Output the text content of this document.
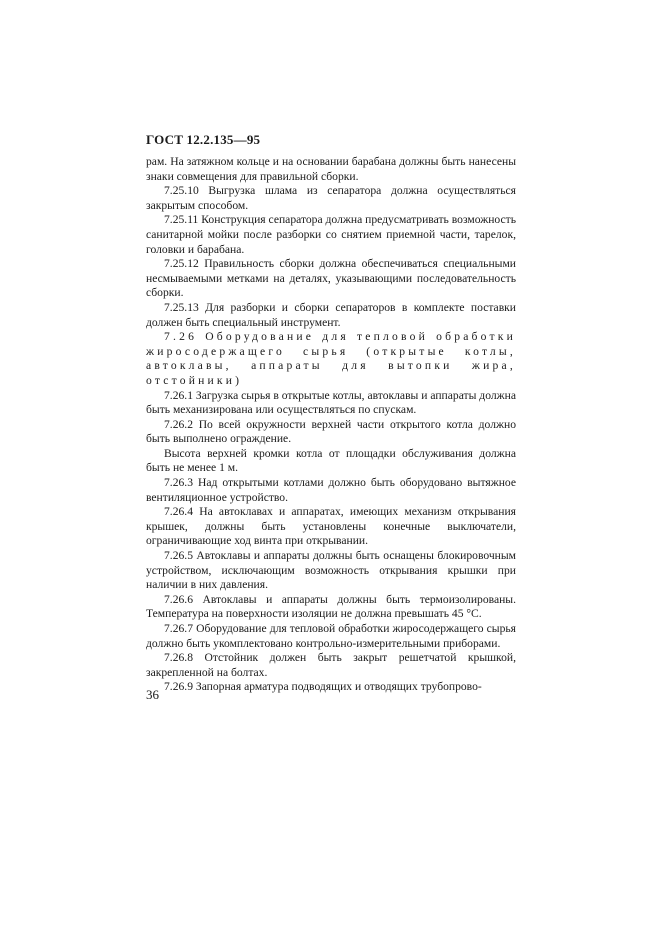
ГОСТ 12.2.135—95

рам. На затяжном кольце и на основании барабана должны быть нанесены знаки совмещения для правильной сборки.

7.25.10 Выгрузка шлама из сепаратора должна осуществляться закрытым способом.

7.25.11 Конструкция сепаратора должна предусматривать возможность санитарной мойки после разборки со снятием приемной части, тарелок, головки и барабана.

7.25.12 Правильность сборки должна обеспечиваться специальными несмываемыми метками на деталях, указывающими последовательность сборки.

7.25.13 Для разборки и сборки сепараторов в комплекте поставки должен быть специальный инструмент.

7.26 Оборудование для тепловой обработки жиросодержащего сырья (открытые котлы, автоклавы, аппараты для вытопки жира, отстойники)

7.26.1 Загрузка сырья в открытые котлы, автоклавы и аппараты должна быть механизирована или осуществляться по спускам.

7.26.2 По всей окружности верхней части открытого котла должно быть выполнено ограждение.

Высота верхней кромки котла от площадки обслуживания должна быть не менее 1 м.

7.26.3 Над открытыми котлами должно быть оборудовано вытяжное вентиляционное устройство.

7.26.4 На автоклавах и аппаратах, имеющих механизм открывания крышек, должны быть установлены конечные выключатели, ограничивающие ход винта при открывании.

7.26.5 Автоклавы и аппараты должны быть оснащены блокировочным устройством, исключающим возможность открывания крышки при наличии в них давления.

7.26.6 Автоклавы и аппараты должны быть термоизолированы. Температура на поверхности изоляции не должна превышать 45 °С.

7.26.7 Оборудование для тепловой обработки жиросодержащего сырья должно быть укомплектовано контрольно-измерительными приборами.

7.26.8 Отстойник должен быть закрыт решетчатой крышкой, закрепленной на болтах.

7.26.9 Запорная арматура подводящих и отводящих трубопрово-

36
